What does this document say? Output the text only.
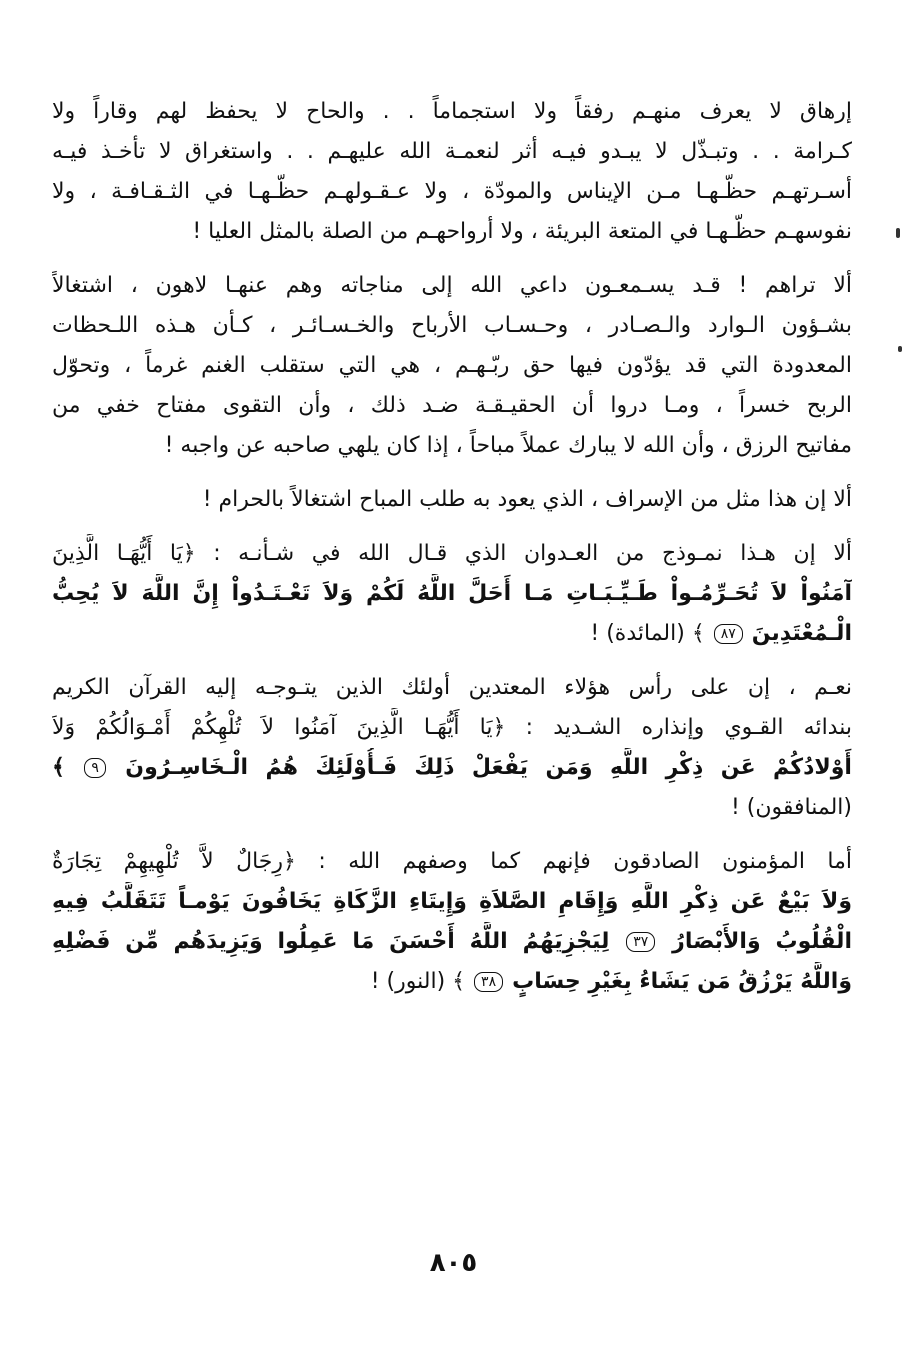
إرهاق لا يعرف منهـم رفقاً ولا استجماماً . . والحاح لا يحفظ لهم وقاراً ولا
كـرامة . . وتبـذّل لا يبـدو فيـه أثر لنعمـة الله عليهـم . . واستغراق لا تأخـذ فيـه
أسـرتهـم حظّـهـا مـن الإيناس والمودّة ، ولا عـقـولهـم حظّـهـا في الثـقـافـة ، ولا
نفوسهـم حظّـهـا في المتعة البريئة ، ولا أرواحهـم من الصلة بالمثل العليا !

ألا تراهم ! قـد يسـمعـون داعي الله إلى مناجاته وهم عنهـا لاهون ، اشتغالاً
بشـؤون الـوارد والـصـادر ، وحـسـاب الأرباح والخـسـائـر ، كـأن هـذه اللـحظات
المعدودة التي قد يؤدّون فيها حق ربّـهـم ، هي التي ستقلب الغنم غرماً ، وتحوّل
الربح خسراً ، ومـا دروا أن الحقيـقـة ضـد ذلك ، وأن التقوى مفتاح خفي من
مفاتيح الرزق ، وأن الله لا يبارك عملاً مباحاً ، إذا كان يلهي صاحبه عن واجبه !

ألا إن هذا مثل من الإسراف ، الذي يعود به طلب المباح اشتغالاً بالحرام !

ألا إن هـذا نمـوذج من العـدوان الذي قـال الله في شـأنـه : ﴿يَا أَيُّهَـا الَّذِينَ
آمَنُواْ لاَ تُحَـرِّمُـواْ طَـيِّـبَـاتِ مَـا أَحَلَّ اللَّهُ لَكُمْ وَلاَ تَعْـتَـدُواْ إِنَّ اللَّهَ لاَ يُحِبُّ
الْـمُعْتَدِينَ ٨٧ ﴾ (المائدة) !

نعـم ، إن على رأس هؤلاء المعتدين أولئك الذين يتـوجـه إليه القرآن الكريم
بندائه القـوي وإنذاره الشـديد : ﴿يَا أَيُّهَـا الَّذِينَ آمَنُوا لاَ تُلْهِكُمْ أَمْـوَالُكُمْ وَلاَ
أَوْلادُكُمْ عَن ذِكْرِ اللَّهِ وَمَن يَفْعَلْ ذَلِكَ فَـأُوْلَئِكَ هُمُ الْـخَاسِـرُونَ ٩ ﴾
(المنافقون) !

أما المؤمنون الصادقون فإنهم كما وصفهم الله : ﴿رِجَالٌ لاَّ تُلْهِيهِمْ تِجَارَةٌ
وَلاَ بَيْعٌ عَن ذِكْرِ اللَّهِ وَإِقَامِ الصَّلاَةِ وَإِيتَاءِ الزَّكَاةِ يَخَافُونَ يَوْمـاً تَتَقَلَّبُ فِيهِ
الْقُلُوبُ وَالأَبْصَارُ ٣٧ لِيَجْزِيَهُمُ اللَّهُ أَحْسَنَ مَا عَمِلُوا وَيَزِيدَهُم مِّن فَضْلِهِ
وَاللَّهُ يَرْزُقُ مَن يَشَاءُ بِغَيْرِ حِسَابٍ ٣٨ ﴾ (النور) !

٨٠٥
